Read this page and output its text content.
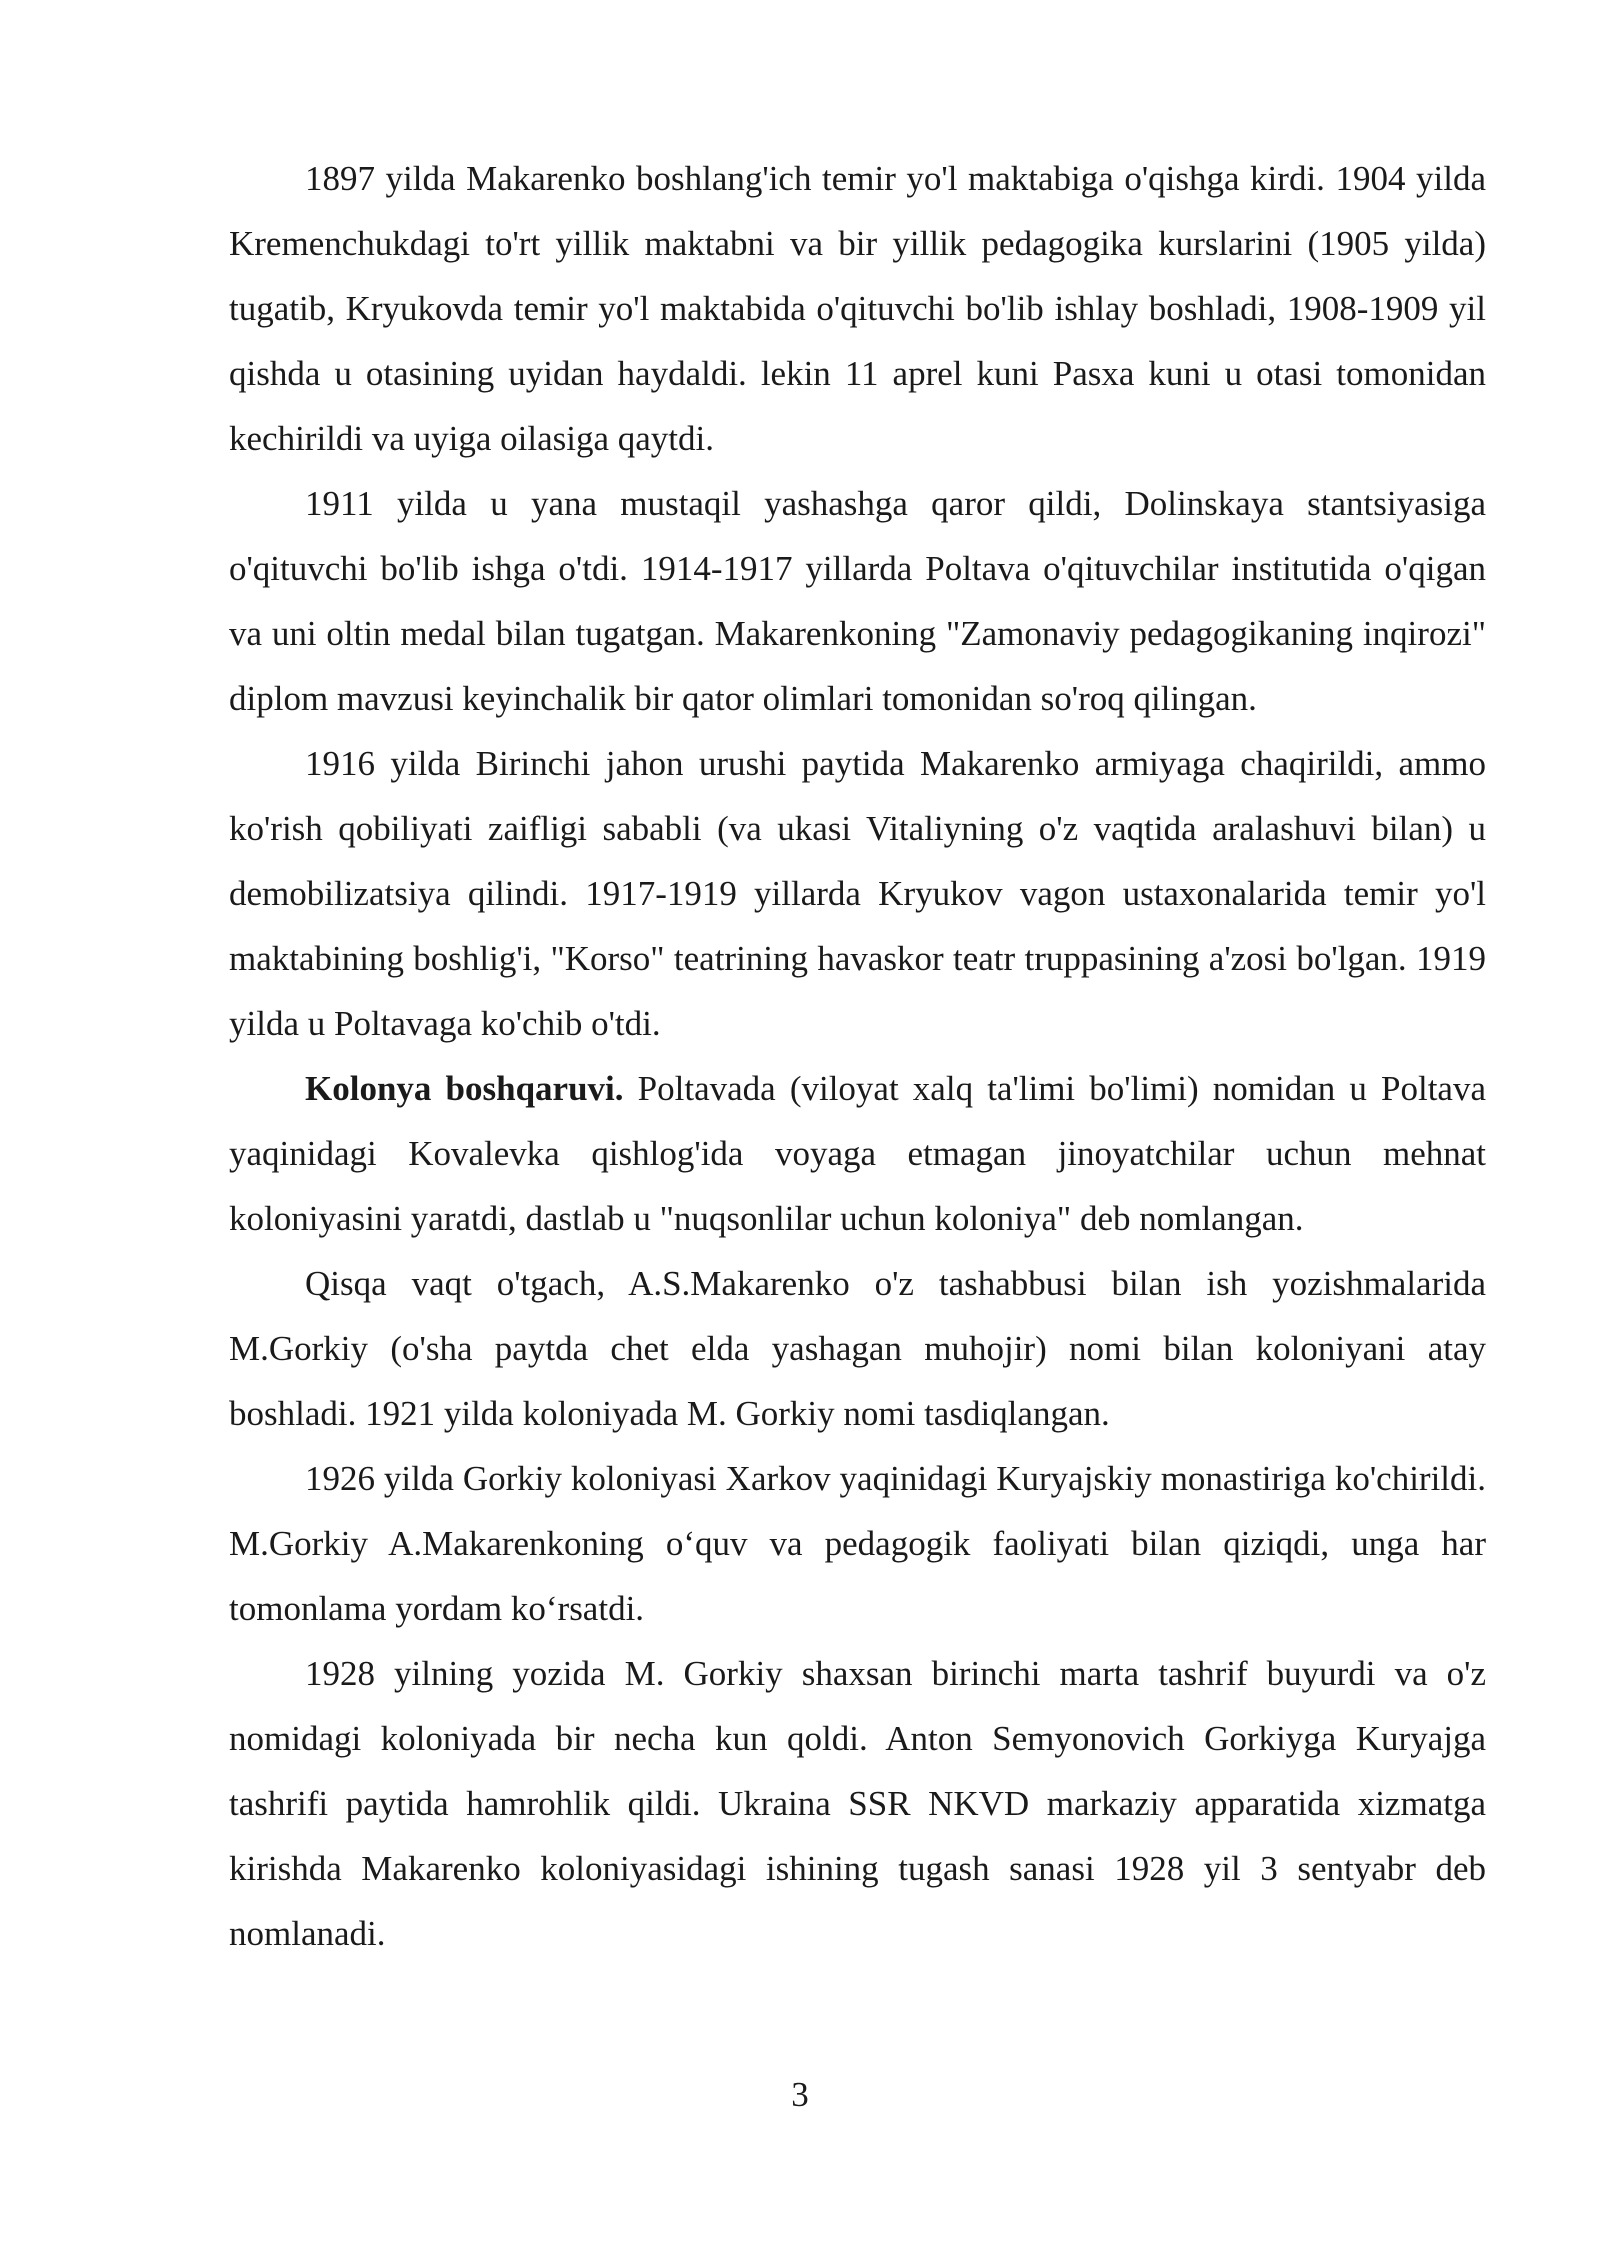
1897 yilda Makarenko boshlang'ich temir yo'l maktabiga o'qishga kirdi. 1904 yilda Kremenchukdagi to'rt yillik maktabni va bir yillik pedagogika kurslarini (1905 yilda) tugatib, Kryukovda temir yo'l maktabida o'qituvchi bo'lib ishlay boshladi, 1908-1909 yil qishda u otasining uyidan haydaldi. lekin 11 aprel kuni Pasxa kuni u otasi tomonidan kechirildi va uyiga oilasiga qaytdi.

1911 yilda u yana mustaqil yashashga qaror qildi, Dolinskaya stantsiyasiga o'qituvchi bo'lib ishga o'tdi. 1914-1917 yillarda Poltava o'qituvchilar institutida o'qigan va uni oltin medal bilan tugatgan. Makarenkoning "Zamonaviy pedagogikaning inqirozi" diplom mavzusi keyinchalik bir qator olimlari tomonidan so'roq qilingan.

1916 yilda Birinchi jahon urushi paytida Makarenko armiyaga chaqirildi, ammo ko'rish qobiliyati zaifligi sababli (va ukasi Vitaliyning o'z vaqtida aralashuvi bilan) u demobilizatsiya qilindi. 1917-1919 yillarda Kryukov vagon ustaxonalarida temir yo'l maktabining boshlig'i, "Korso" teatrining havaskor teatr truppasining a'zosi bo'lgan. 1919 yilda u Poltavaga ko'chib o'tdi.

Kolonya boshqaruvi. Poltavada (viloyat xalq ta'limi bo'limi) nomidan u Poltava yaqinidagi Kovalevka qishlog'ida voyaga etmagan jinoyatchilar uchun mehnat koloniyasini yaratdi, dastlab u "nuqsonlilar uchun koloniya" deb nomlangan.

Qisqa vaqt o'tgach, A.S.Makarenko o'z tashabbusi bilan ish yozishmalarida M.Gorkiy (o'sha paytda chet elda yashagan muhojir) nomi bilan koloniyani atay boshladi. 1921 yilda koloniyada M. Gorkiy nomi tasdiqlangan.

1926 yilda Gorkiy koloniyasi Xarkov yaqinidagi Kuryajskiy monastiriga ko'chirildi. M.Gorkiy A.Makarenkoning o‘quv va pedagogik faoliyati bilan qiziqdi, unga har tomonlama yordam ko‘rsatdi.

1928 yilning yozida M. Gorkiy shaxsan birinchi marta tashrif buyurdi va o'z nomidagi koloniyada bir necha kun qoldi. Anton Semyonovich Gorkiyga Kuryajga tashrifi paytida hamrohlik qildi. Ukraina SSR NKVD markaziy apparatida xizmatga kirishda Makarenko koloniyasidagi ishining tugash sanasi 1928 yil 3 sentyabr deb nomlanadi.

3
